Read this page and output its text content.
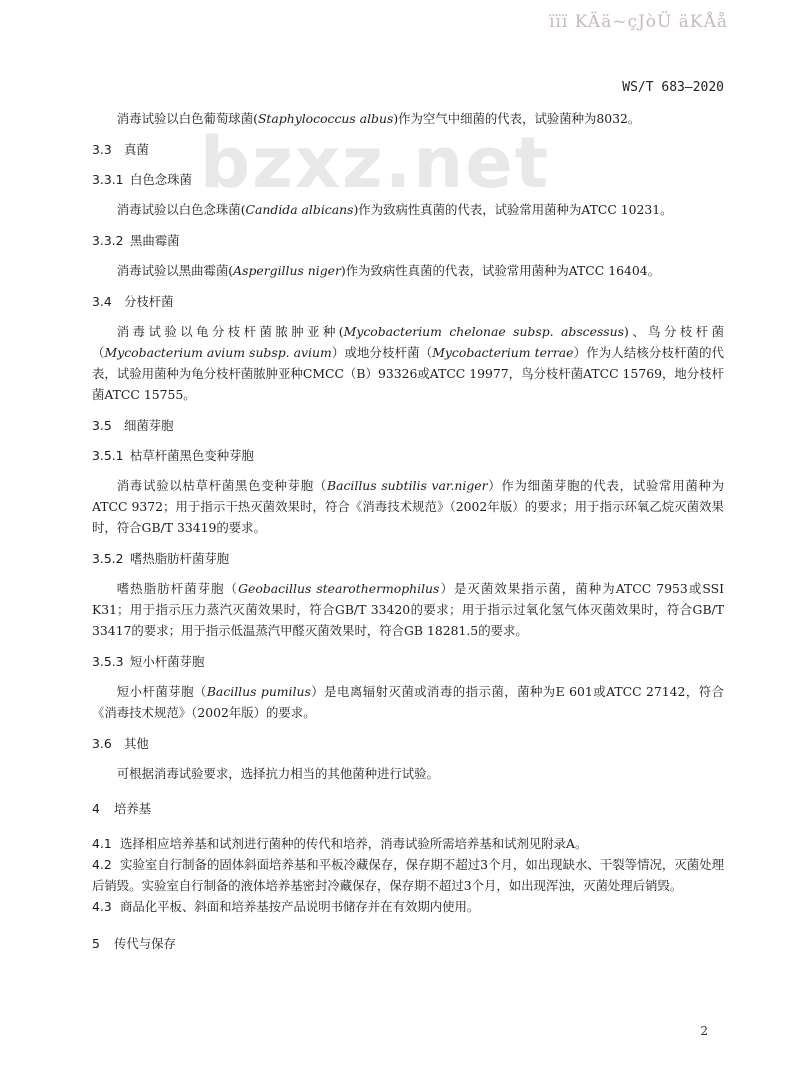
ïïï KÄä~çJòÜ äKÅå
bzxz.net
WS/T 683—2020
消毒试验以白色葡萄球菌(Staphylococcus albus)作为空气中细菌的代表，试验菌种为8032。
3.3 真菌
3.3.1 白色念珠菌
消毒试验以白色念珠菌(Candida albicans)作为致病性真菌的代表，试验常用菌种为ATCC 10231。
3.3.2 黑曲霉菌
消毒试验以黑曲霉菌(Aspergillus niger)作为致病性真菌的代表，试验常用菌种为ATCC 16404。
3.4 分枝杆菌
消毒试验以龟分枝杆菌脓肿亚种(Mycobacterium chelonae subsp. abscessus)、鸟分枝杆菌（Mycobacterium avium subsp. avium）或地分枝杆菌（Mycobacterium terrae）作为人结核分枝杆菌的代表，试验用菌种为龟分枝杆菌脓肿亚种CMCC（B）93326或ATCC 19977，鸟分枝杆菌ATCC 15769，地分枝杆菌ATCC 15755。
3.5 细菌芽胞
3.5.1 枯草杆菌黑色变种芽胞
消毒试验以枯草杆菌黑色变种芽胞（Bacillus subtilis var.niger）作为细菌芽胞的代表，试验常用菌种为ATCC 9372；用于指示干热灭菌效果时，符合《消毒技术规范》（2002年版）的要求；用于指示环氧乙烷灭菌效果时，符合GB/T 33419的要求。
3.5.2 嗜热脂肪杆菌芽胞
嗜热脂肪杆菌芽胞（Geobacillus stearothermophilus）是灭菌效果指示菌，菌种为ATCC 7953或SSI K31；用于指示压力蒸汽灭菌效果时，符合GB/T 33420的要求；用于指示过氧化氢气体灭菌效果时，符合GB/T 33417的要求；用于指示低温蒸汽甲醛灭菌效果时，符合GB 18281.5的要求。
3.5.3 短小杆菌芽胞
短小杆菌芽胞（Bacillus pumilus）是电离辐射灭菌或消毒的指示菌，菌种为E 601或ATCC 27142，符合《消毒技术规范》（2002年版）的要求。
3.6 其他
可根据消毒试验要求，选择抗力相当的其他菌种进行试验。
4 培养基
4.1 选择相应培养基和试剂进行菌种的传代和培养，消毒试验所需培养基和试剂见附录A。
4.2 实验室自行制备的固体斜面培养基和平板冷藏保存，保存期不超过3个月，如出现缺水、干裂等情况，灭菌处理后销毁。实验室自行制备的液体培养基密封冷藏保存，保存期不超过3个月，如出现浑浊，灭菌处理后销毁。
4.3 商品化平板、斜面和培养基按产品说明书储存并在有效期内使用。
5 传代与保存
2
